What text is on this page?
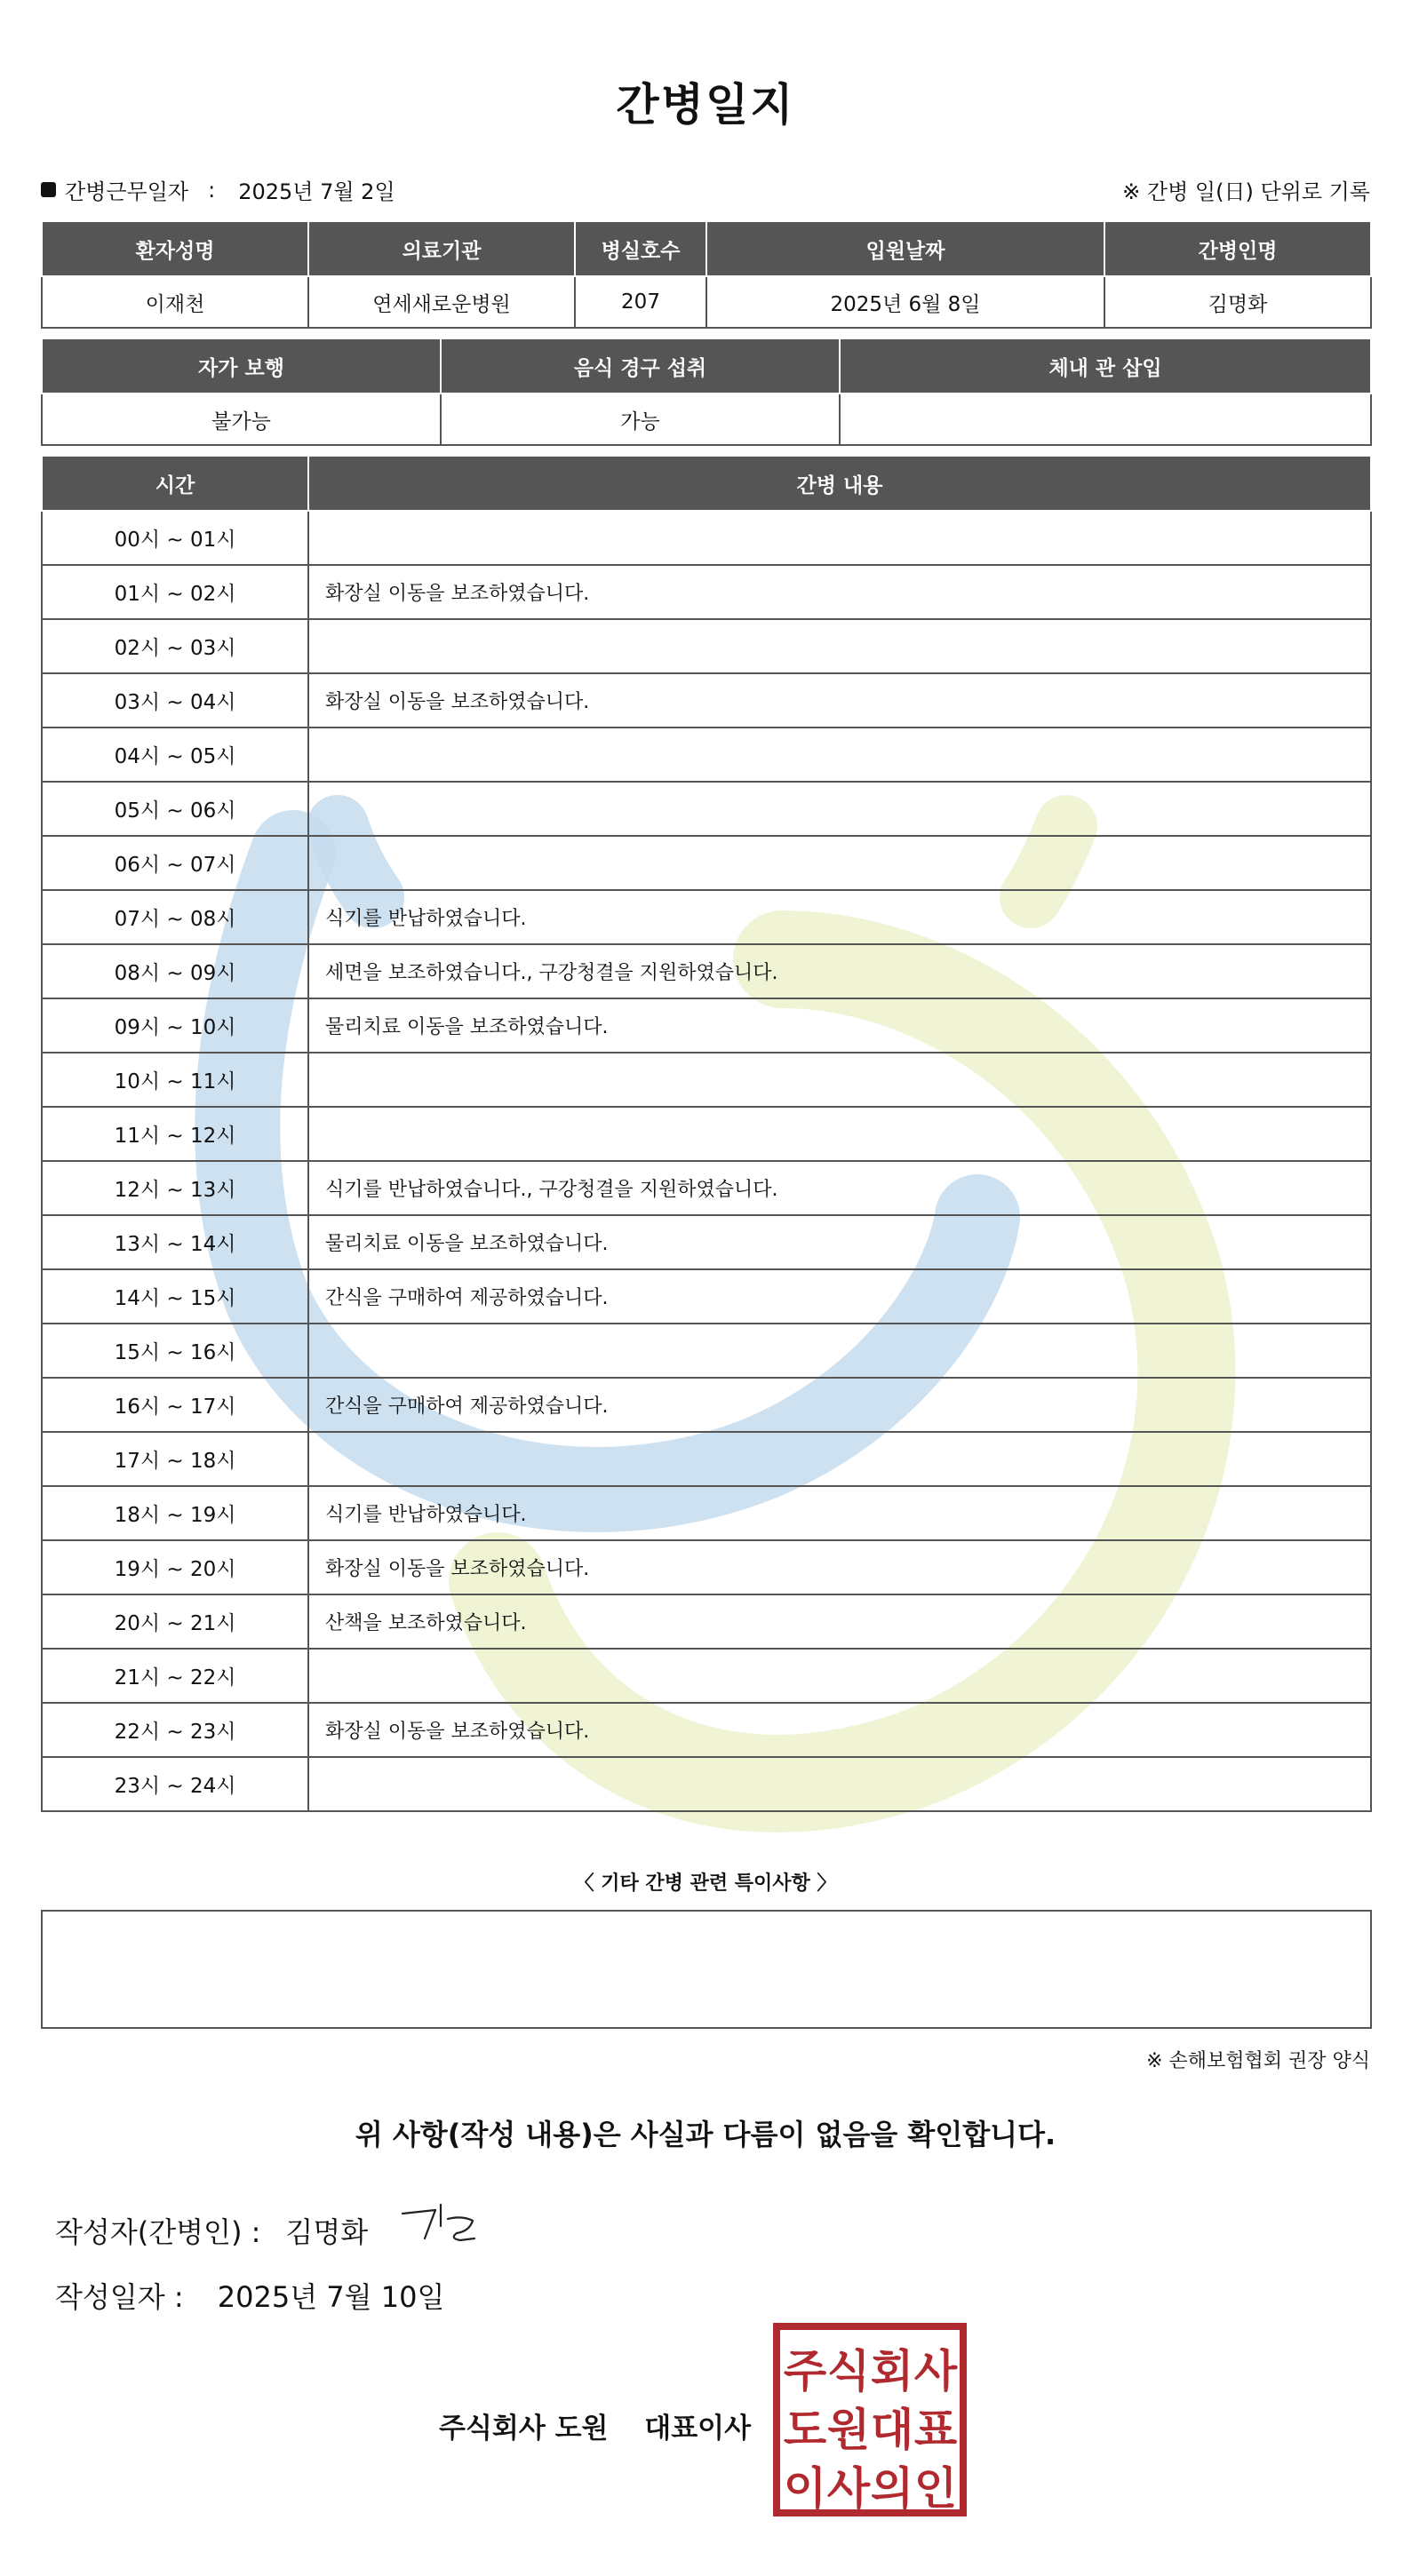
간병일지
간병근무일자 : 2025년 7월 2일	※ 간병 일(日) 단위로 기록
환자성명	의료기관	병실호수	입원날짜	간병인명
이재천	연세새로운병원	207	2025년 6월 8일	김명화
자가 보행	음식 경구 섭취	체내 관 삽입
불가능	가능	
시간	간병 내용
00시 ~ 01시	
01시 ~ 02시	화장실 이동을 보조하였습니다.
02시 ~ 03시	
03시 ~ 04시	화장실 이동을 보조하였습니다.
04시 ~ 05시	
05시 ~ 06시	
06시 ~ 07시	
07시 ~ 08시	식기를 반납하였습니다.
08시 ~ 09시	세면을 보조하였습니다., 구강청결을 지원하였습니다.
09시 ~ 10시	물리치료 이동을 보조하였습니다.
10시 ~ 11시	
11시 ~ 12시	
12시 ~ 13시	식기를 반납하였습니다., 구강청결을 지원하였습니다.
13시 ~ 14시	물리치료 이동을 보조하였습니다.
14시 ~ 15시	간식을 구매하여 제공하였습니다.
15시 ~ 16시	
16시 ~ 17시	간식을 구매하여 제공하였습니다.
17시 ~ 18시	
18시 ~ 19시	식기를 반납하였습니다.
19시 ~ 20시	화장실 이동을 보조하였습니다.
20시 ~ 21시	산책을 보조하였습니다.
21시 ~ 22시	
22시 ~ 23시	화장실 이동을 보조하였습니다.
23시 ~ 24시	
〈 기타 간병 관련 특이사항 〉
※ 손해보험협회 권장 양식
위 사항(작성 내용)은 사실과 다름이 없음을 확인합니다.
작성자(간병인) : 김명화
작성일자 : 2025년 7월 10일
주식회사 도원 대표이사
주 식 회 사
도 원 대 표
이 사 의 인
